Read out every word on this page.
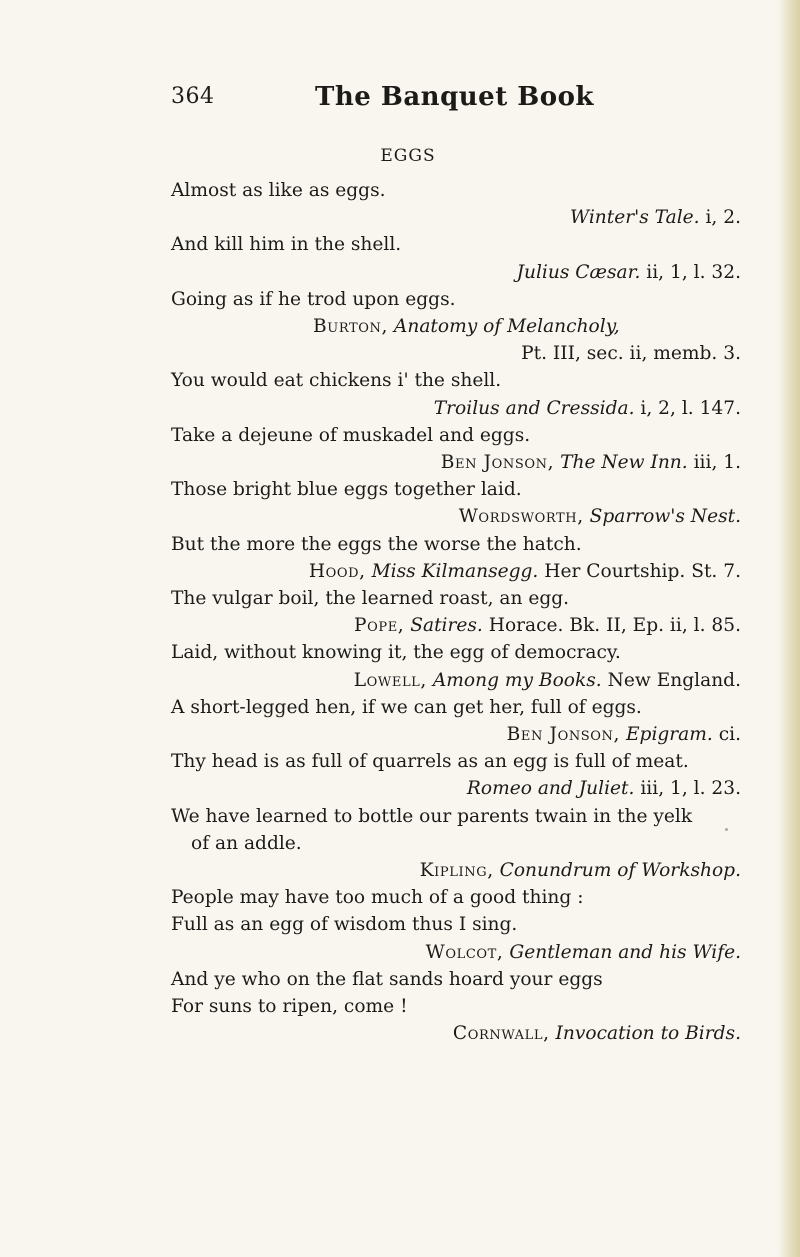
364	The Banquet Book
EGGS
Almost as like as eggs.
Winter's Tale. i, 2.
And kill him in the shell.
Julius Cæsar. ii, 1, l. 32.
Going as if he trod upon eggs.
Burton, Anatomy of Melancholy,
Pt. III, sec. ii, memb. 3.
You would eat chickens i' the shell.
Troilus and Cressida. i, 2, l. 147.
Take a dejeune of muskadel and eggs.
Ben Jonson, The New Inn. iii, 1.
Those bright blue eggs together laid.
Wordsworth, Sparrow's Nest.
But the more the eggs the worse the hatch.
Hood, Miss Kilmansegg. Her Courtship. St. 7.
The vulgar boil, the learned roast, an egg.
Pope, Satires. Horace. Bk. II, Ep. ii, l. 85.
Laid, without knowing it, the egg of democracy.
Lowell, Among my Books. New England.
A short-legged hen, if we can get her, full of eggs.
Ben Jonson, Epigram. ci.
Thy head is as full of quarrels as an egg is full of meat.
Romeo and Juliet. iii, 1, l. 23.
We have learned to bottle our parents twain in the yelk
of an addle.
Kipling, Conundrum of Workshop.
People may have too much of a good thing :
Full as an egg of wisdom thus I sing.
Wolcot, Gentleman and his Wife.
And ye who on the flat sands hoard your eggs
For suns to ripen, come !
Cornwall, Invocation to Birds.
